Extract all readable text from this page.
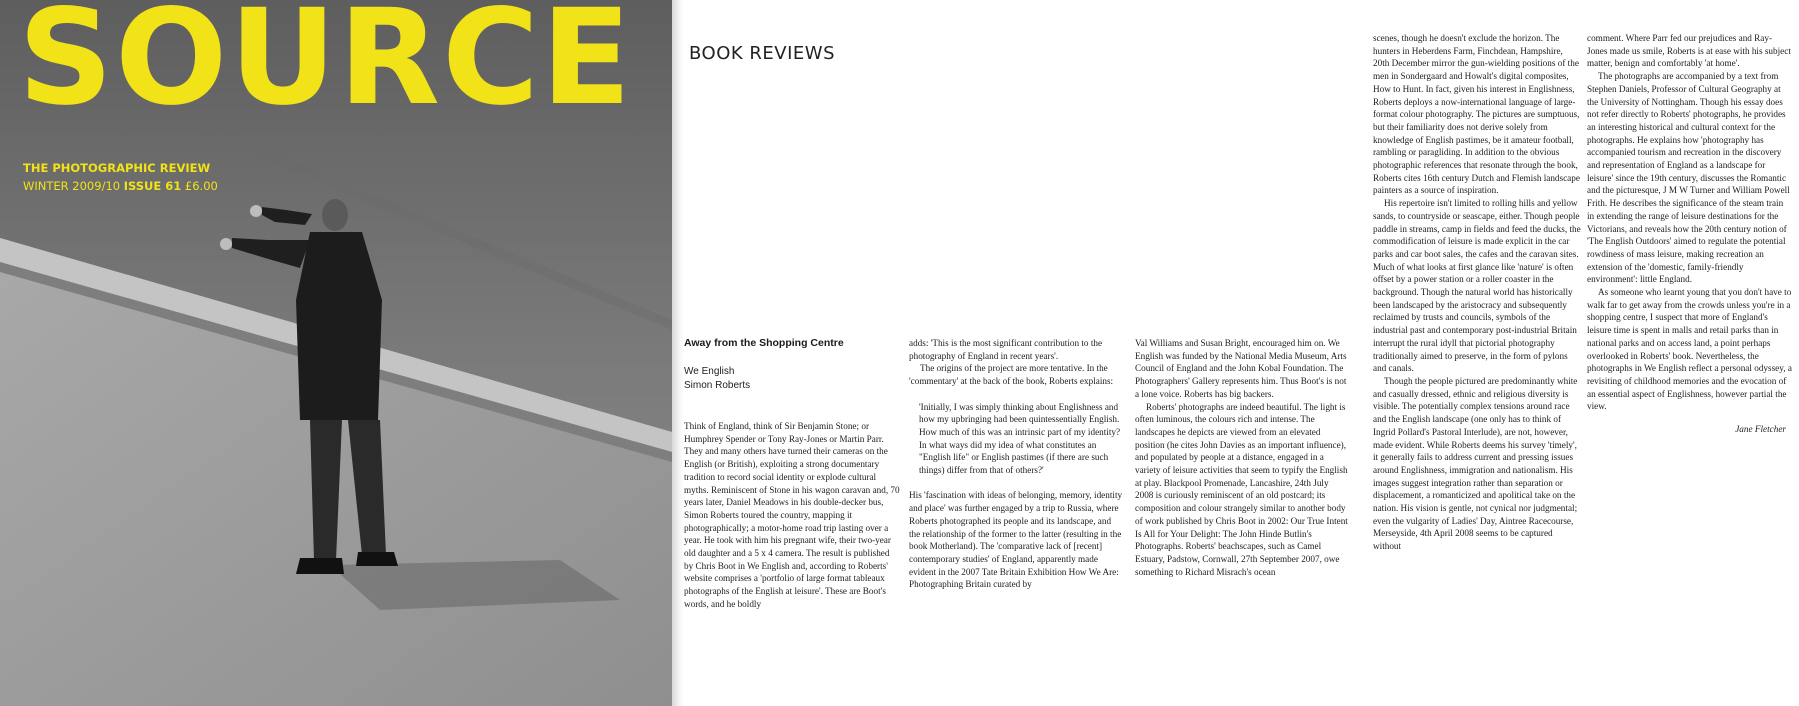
SOURCE
THE PHOTOGRAPHIC REVIEW
WINTER 2009/10 ISSUE 61 £6.00
BOOK REVIEWS
Away from the Shopping Centre
We English
Simon Roberts

Think of England, think of Sir Benjamin Stone; or Humphrey Spender or Tony Ray-Jones or Martin Parr. They and many others have turned their cameras on the English (or British), exploiting a strong documentary tradition to record social identity or explode cultural myths. Reminiscent of Stone in his wagon caravan and, 70 years later, Daniel Meadows in his double-decker bus, Simon Roberts toured the country, mapping it photographically; a motor-home road trip lasting over a year. He took with him his pregnant wife, their two-year old daughter and a 5 x 4 camera. The result is published by Chris Boot in We English and, according to Roberts' website comprises a 'portfolio of large format tableaux photographs of the English at leisure'. These are Boot's words, and he boldly

adds: 'This is the most significant contribution to the photography of England in recent years'.

The origins of the project are more tentative. In the 'commentary' at the back of the book, Roberts explains:

'Initially, I was simply thinking about Englishness and how my upbringing had been quintessentially English. How much of this was an intrinsic part of my identity? In what ways did my idea of what constitutes an "English life" or English pastimes (if there are such things) differ from that of others?'

His 'fascination with ideas of belonging, memory, identity and place' was further engaged by a trip to Russia, where Roberts photographed its people and its landscape, and the relationship of the former to the latter (resulting in the book Motherland). The 'comparative lack of [recent] contemporary studies' of England, apparently made evident in the 2007 Tate Britain Exhibition How We Are: Photographing Britain curated by

Val Williams and Susan Bright, encouraged him on. We English was funded by the National Media Museum, Arts Council of England and the John Kobal Foundation. The Photographers' Gallery represents him. Thus Boot's is not a lone voice. Roberts has big backers.

Roberts' photographs are indeed beautiful. The light is often luminous, the colours rich and intense. The landscapes he depicts are viewed from an elevated position (he cites John Davies as an important influence), and populated by people at a distance, engaged in a variety of leisure activities that seem to typify the English at play. Blackpool Promenade, Lancashire, 24th July 2008 is curiously reminiscent of an old postcard; its composition and colour strangely similar to another body of work published by Chris Boot in 2002: Our True Intent Is All for Your Delight: The John Hinde Butlin's Photographs. Roberts' beachscapes, such as Camel Estuary, Padstow, Cornwall, 27th September 2007, owe something to Richard Misrach's ocean

scenes, though he doesn't exclude the horizon. The hunters in Heberdens Farm, Finchdean, Hampshire, 20th December mirror the gun-wielding positions of the men in Sondergaard and Howalt's digital composites, How to Hunt. In fact, given his interest in Englishness, Roberts deploys a now-international language of large-format colour photography. The pictures are sumptuous, but their familiarity does not derive solely from knowledge of English pastimes, be it amateur football, rambling or paragliding. In addition to the obvious photographic references that resonate through the book, Roberts cites 16th century Dutch and Flemish landscape painters as a source of inspiration.

His repertoire isn't limited to rolling hills and yellow sands, to countryside or seascape, either. Though people paddle in streams, camp in fields and feed the ducks, the commodification of leisure is made explicit in the car parks and car boot sales, the cafes and the caravan sites. Much of what looks at first glance like 'nature' is often offset by a power station or a roller coaster in the background. Though the natural world has historically been landscaped by the aristocracy and subsequently reclaimed by trusts and councils, symbols of the industrial past and contemporary post-industrial Britain interrupt the rural idyll that pictorial photography traditionally aimed to preserve, in the form of pylons and canals.

Though the people pictured are predominantly white and casually dressed, ethnic and religious diversity is visible. The potentially complex tensions around race and the English landscape (one only has to think of Ingrid Pollard's Pastoral Interlude), are not, however, made evident. While Roberts deems his survey 'timely', it generally fails to address current and pressing issues around Englishness, immigration and nationalism. His images suggest integration rather than separation or displacement, a romanticized and apolitical take on the nation. His vision is gentle, not cynical nor judgmental; even the vulgarity of Ladies' Day, Aintree Racecourse, Merseyside, 4th April 2008 seems to be captured without

comment. Where Parr fed our prejudices and Ray-Jones made us smile, Roberts is at ease with his subject matter, benign and comfortably 'at home'.

The photographs are accompanied by a text from Stephen Daniels, Professor of Cultural Geography at the University of Nottingham. Though his essay does not refer directly to Roberts' photographs, he provides an interesting historical and cultural context for the photographs. He explains how 'photography has accompanied tourism and recreation in the discovery and representation of England as a landscape for leisure' since the 19th century, discusses the Romantic and the picturesque, J M W Turner and William Powell Frith. He describes the significance of the steam train in extending the range of leisure destinations for the Victorians, and reveals how the 20th century notion of 'The English Outdoors' aimed to regulate the potential rowdiness of mass leisure, making recreation an extension of the 'domestic, family-friendly environment': little England.

As someone who learnt young that you don't have to walk far to get away from the crowds unless you're in a shopping centre, I suspect that more of England's leisure time is spent in malls and retail parks than in national parks and on access land, a point perhaps overlooked in Roberts' book. Nevertheless, the photographs in We English reflect a personal odyssey, a revisiting of childhood memories and the evocation of an essential aspect of Englishness, however partial the view.

Jane Fletcher
